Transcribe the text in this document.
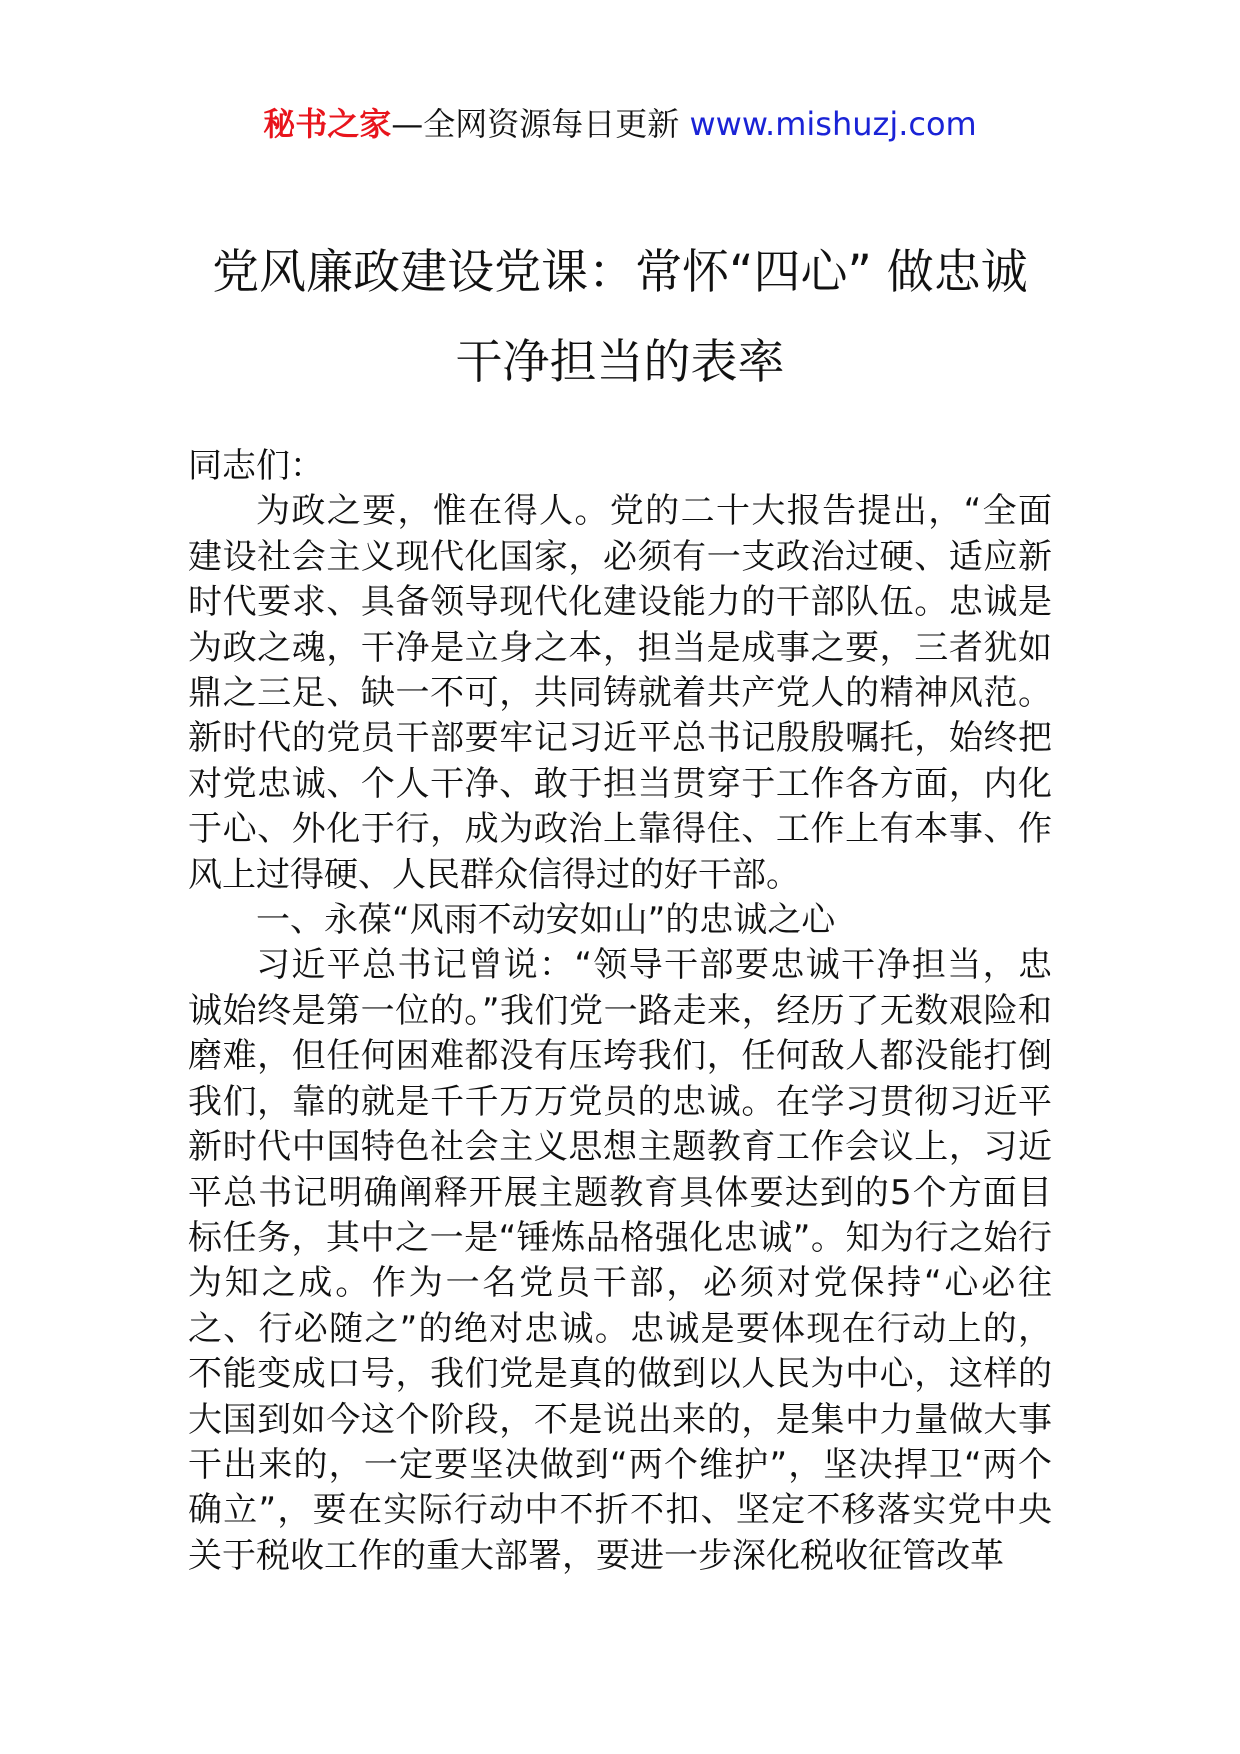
秘书之家—全网资源每日更新 www.mishuzj.com
党风廉政建设党课：常怀“四心” 做忠诚
干净担当的表率

同志们：

为政之要，惟在得人。党的二十大报告提出，“全面建设社会主义现代化国家，必须有一支政治过硬、适应新时代要求、具备领导现代化建设能力的干部队伍。忠诚是为政之魂，干净是立身之本，担当是成事之要，三者犹如鼎之三足、缺一不可，共同铸就着共产党人的精神风范。新时代的党员干部要牢记习近平总书记殷殷嘱托，始终把对党忠诚、个人干净、敢于担当贯穿于工作各方面，内化于心、外化于行，成为政治上靠得住、工作上有本事、作风上过得硬、人民群众信得过的好干部。

一、永葆“风雨不动安如山”的忠诚之心

习近平总书记曾说：“领导干部要忠诚干净担当，忠诚始终是第一位的。”我们党一路走来，经历了无数艰险和磨难，但任何困难都没有压垮我们，任何敌人都没能打倒我们，靠的就是千千万万党员的忠诚。在学习贯彻习近平新时代中国特色社会主义思想主题教育工作会议上，习近平总书记明确阐释开展主题教育具体要达到的5个方面目标任务，其中之一是“锤炼品格强化忠诚”。知为行之始行为知之成。作为一名党员干部，必须对党保持“心必往之、行必随之”的绝对忠诚。忠诚是要体现在行动上的，不能变成口号，我们党是真的做到以人民为中心，这样的大国到如今这个阶段，不是说出来的，是集中力量做大事干出来的，一定要坚决做到“两个维护”，坚决捍卫“两个确立”，要在实际行动中不折不扣、坚定不移落实党中央关于税收工作的重大部署，要进一步深化税收征管改革
